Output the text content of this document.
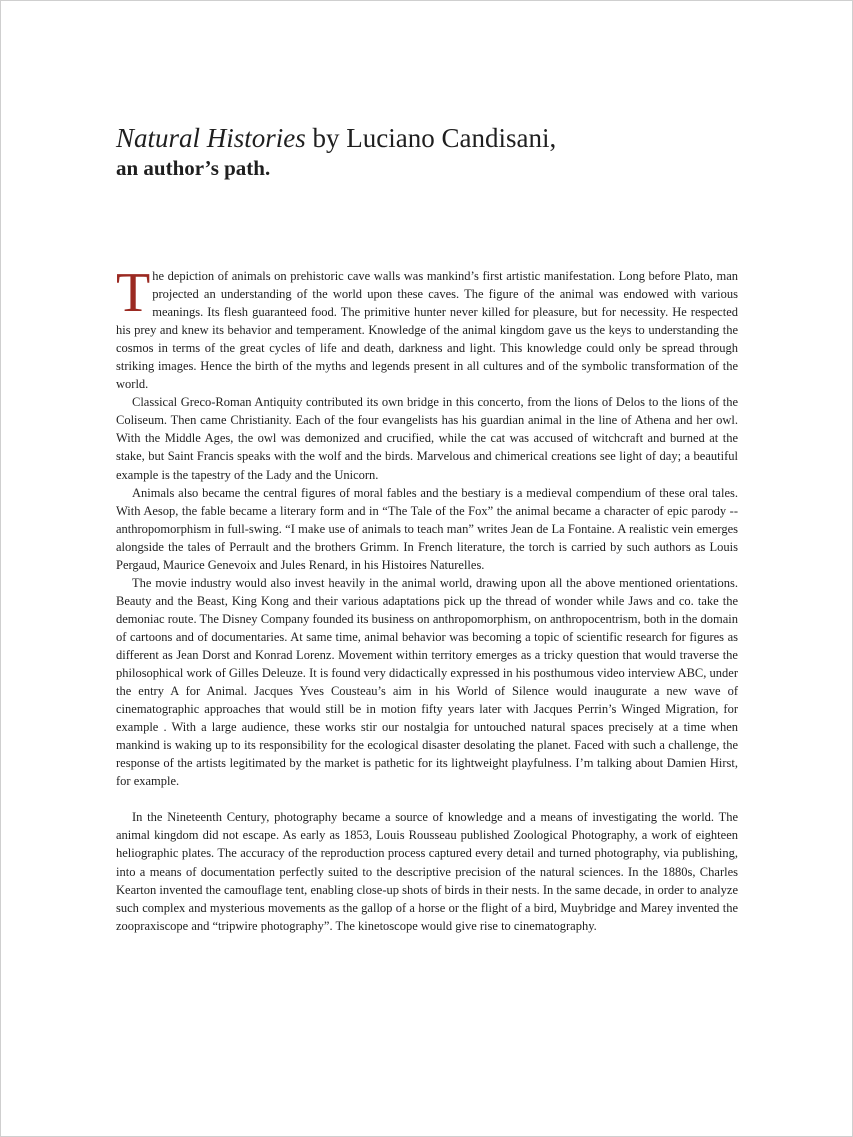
Natural Histories by Luciano Candisani,
an author’s path.

The depiction of animals on prehistoric cave walls was mankind’s first artistic manifestation. Long before Plato, man projected an understanding of the world upon these caves. The figure of the animal was endowed with various meanings. Its flesh guaranteed food. The primitive hunter never killed for pleasure, but for necessity. He respected his prey and knew its behavior and temperament. Knowledge of the animal kingdom gave us the keys to understanding the cosmos in terms of the great cycles of life and death, darkness and light. This knowledge could only be spread through striking images. Hence the birth of the myths and legends present in all cultures and of the symbolic transformation of the world.

Classical Greco-Roman Antiquity contributed its own bridge in this concerto, from the lions of Delos to the lions of the Coliseum. Then came Christianity. Each of the four evangelists has his guardian animal in the line of Athena and her owl. With the Middle Ages, the owl was demonized and crucified, while the cat was accused of witchcraft and burned at the stake, but Saint Francis speaks with the wolf and the birds. Marvelous and chimerical creations see light of day; a beautiful example is the tapestry of the Lady and the Unicorn.

Animals also became the central figures of moral fables and the bestiary is a medieval compendium of these oral tales. With Aesop, the fable became a literary form and in “The Tale of the Fox” the animal became a character of epic parody -- anthropomorphism in full-swing. “I make use of animals to teach man” writes Jean de La Fontaine. A realistic vein emerges alongside the tales of Perrault and the brothers Grimm. In French literature, the torch is carried by such authors as Louis Pergaud, Maurice Genevoix and Jules Renard, in his Histoires Naturelles.

The movie industry would also invest heavily in the animal world, drawing upon all the above mentioned orientations. Beauty and the Beast, King Kong and their various adaptations pick up the thread of wonder while Jaws and co. take the demoniac route. The Disney Company founded its business on anthropomorphism, on anthropocentrism, both in the domain of cartoons and of documentaries. At same time, animal behavior was becoming a topic of scientific research for figures as different as Jean Dorst and Konrad Lorenz. Movement within territory emerges as a tricky question that would traverse the philosophical work of Gilles Deleuze. It is found very didactically expressed in his posthumous video interview ABC, under the entry A for Animal. Jacques Yves Cousteau’s aim in his World of Silence would inaugurate a new wave of cinematographic approaches that would still be in motion fifty years later with Jacques Perrin’s Winged Migration, for example . With a large audience, these works stir our nostalgia for untouched natural spaces precisely at a time when mankind is waking up to its responsibility for the ecological disaster desolating the planet. Faced with such a challenge, the response of the artists legitimated by the market is pathetic for its lightweight playfulness. I’m talking about Damien Hirst, for example.

In the Nineteenth Century, photography became a source of knowledge and a means of investigating the world. The animal kingdom did not escape. As early as 1853, Louis Rousseau published Zoological Photography, a work of eighteen heliographic plates. The accuracy of the reproduction process captured every detail and turned photography, via publishing, into a means of documentation perfectly suited to the descriptive precision of the natural sciences. In the 1880s, Charles Kearton invented the camouflage tent, enabling close-up shots of birds in their nests. In the same decade, in order to analyze such complex and mysterious movements as the gallop of a horse or the flight of a bird, Muybridge and Marey invented the zoopraxiscope and “tripwire photography”. The kinetoscope would give rise to cinematography.
